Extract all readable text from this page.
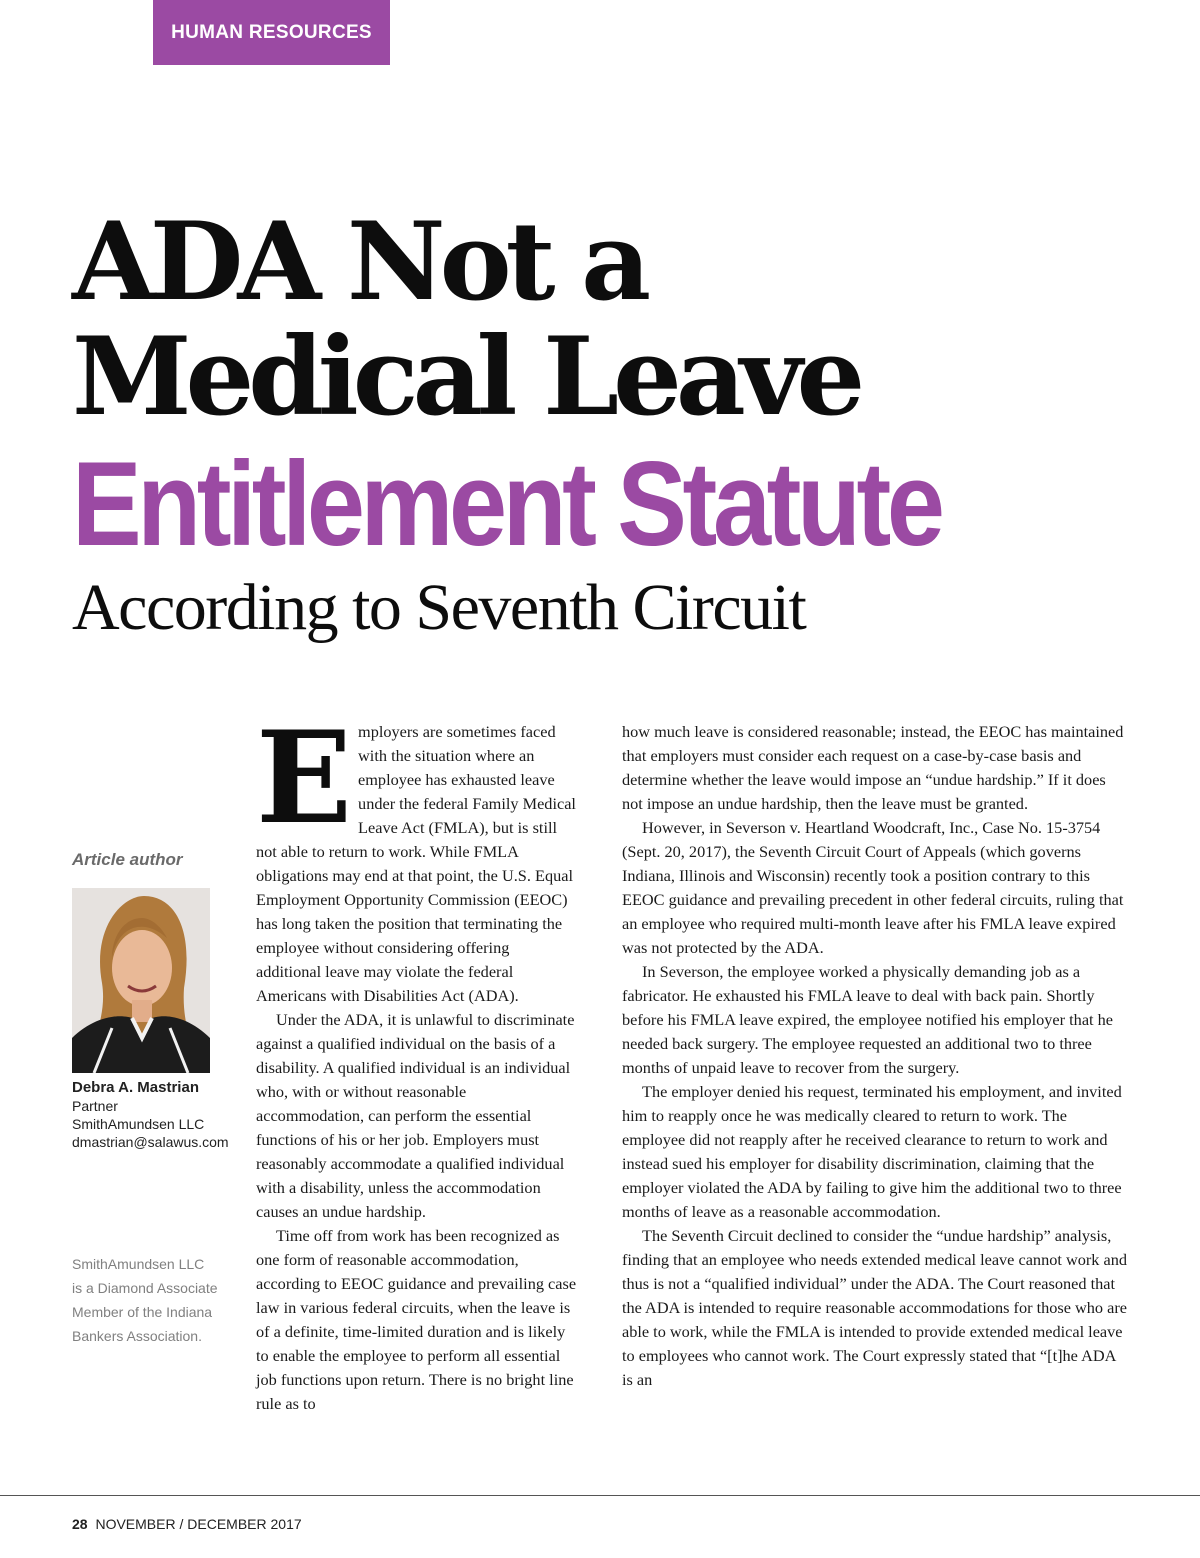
HUMAN RESOURCES
ADA Not a
Medical Leave
Entitlement Statute
According to Seventh Circuit
Article author
Debra A. Mastrian
Partner
SmithAmundsen LLC
dmastrian@salawus.com
SmithAmundsen LLC
is a Diamond Associate
Member of the Indiana
Bankers Association.

Employers are sometimes faced with the situation where an employee has exhausted leave under the federal Family Medical Leave Act (FMLA), but is still not able to return to work. While FMLA obligations may end at that point, the U.S. Equal Employment Opportunity Commission (EEOC) has long taken the position that terminating the employee without considering offering additional leave may violate the federal Americans with Disabilities Act (ADA).

Under the ADA, it is unlawful to discriminate against a qualified individual on the basis of a disability. A qualified individual is an individual who, with or without reasonable accommodation, can perform the essential functions of his or her job. Employers must reasonably accommodate a qualified individual with a disability, unless the accommodation causes an undue hardship.

Time off from work has been recognized as one form of reasonable accommodation, according to EEOC guidance and prevailing case law in various federal circuits, when the leave is of a definite, time-limited duration and is likely to enable the employee to perform all essential job functions upon return. There is no bright line rule as to

how much leave is considered reasonable; instead, the EEOC has maintained that employers must consider each request on a case-by-case basis and determine whether the leave would impose an “undue hardship.” If it does not impose an undue hardship, then the leave must be granted.

However, in Severson v. Heartland Woodcraft, Inc., Case No. 15-3754 (Sept. 20, 2017), the Seventh Circuit Court of Appeals (which governs Indiana, Illinois and Wisconsin) recently took a position contrary to this EEOC guidance and prevailing precedent in other federal circuits, ruling that an employee who required multi-month leave after his FMLA leave expired was not protected by the ADA.

In Severson, the employee worked a physically demanding job as a fabricator. He exhausted his FMLA leave to deal with back pain. Shortly before his FMLA leave expired, the employee notified his employer that he needed back surgery. The employee requested an additional two to three months of unpaid leave to recover from the surgery.

The employer denied his request, terminated his employment, and invited him to reapply once he was medically cleared to return to work. The employee did not reapply after he received clearance to return to work and instead sued his employer for disability discrimination, claiming that the employer violated the ADA by failing to give him the additional two to three months of leave as a reasonable accommodation.

The Seventh Circuit declined to consider the “undue hardship” analysis, finding that an employee who needs extended medical leave cannot work and thus is not a “qualified individual” under the ADA. The Court reasoned that the ADA is intended to require reasonable accommodations for those who are able to work, while the FMLA is intended to provide extended medical leave to employees who cannot work. The Court expressly stated that “[t]he ADA is an

28 NOVEMBER / DECEMBER 2017
